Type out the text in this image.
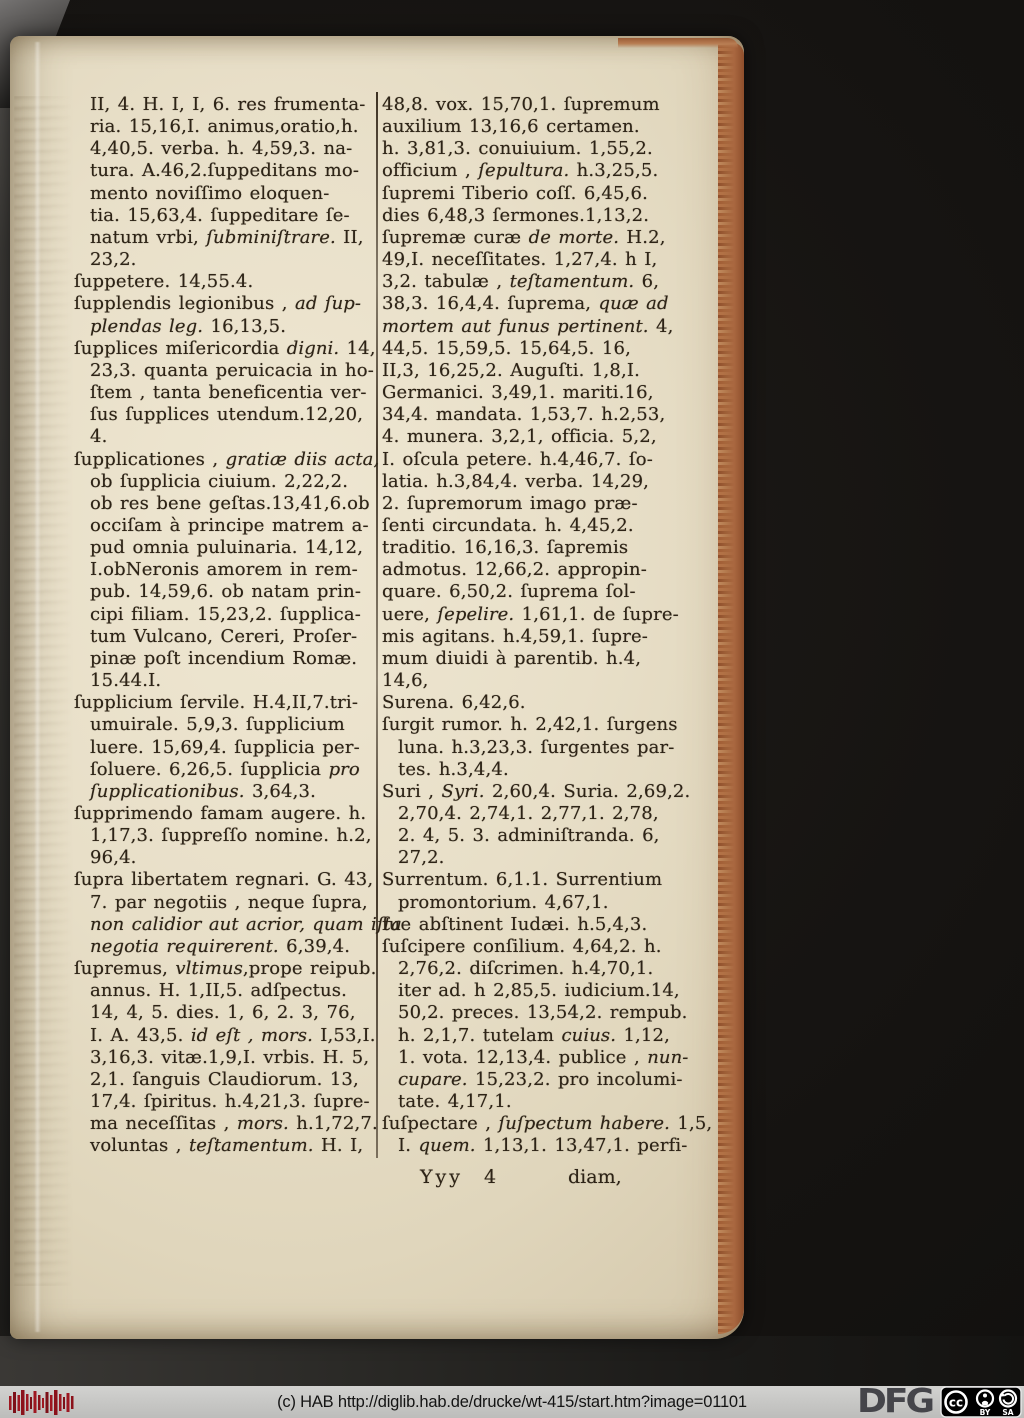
II, 4. H. I, I, 6. res frumenta-
ria. 15,16,I. animus,oratio,h.
4,40,5. verba. h. 4,59,3. na-
tura. A.46,2.ſuppeditans mo-
mento noviſſimo eloquen-
tia. 15,63,4. ſuppeditare ſe-
natum vrbi, ſubminiſtrare. II,
23,2.
ſuppetere. 14,55.4.
ſupplendis legionibus , ad ſup-
plendas leg. 16,13,5.
ſupplices miſericordia digni. 14,
23,3. quanta peruicacia in ho-
ſtem , tanta beneficentia ver-
ſus ſupplices utendum.12,20,
4.
ſupplicationes , gratiæ diis acta,
ob ſupplicia ciuium. 2,22,2.
ob res bene geſtas.13,41,6.ob
occiſam à principe matrem a-
pud omnia puluinaria. 14,12,
I.obNeronis amorem in rem-
pub. 14,59,6. ob natam prin-
cipi filiam. 15,23,2. ſupplica-
tum Vulcano, Cereri, Proſer-
pinæ poſt incendium Romæ.
15.44.I.
ſupplicium ſervile. H.4,II,7.tri-
umuirale. 5,9,3. ſupplicium
luere. 15,69,4. ſupplicia per-
ſoluere. 6,26,5. ſupplicia pro
ſupplicationibus. 3,64,3.
ſupprimendo famam augere. h.
1,17,3. ſuppreſſo nomine. h.2,
96,4.
ſupra libertatem regnari. G. 43,
7. par negotiis , neque ſupra,
non calidior aut acrior, quam iſta
negotia requirerent. 6,39,4.
ſupremus, vltimus,prope reipub.
annus. H. 1,II,5. adſpectus.
14, 4, 5. dies. 1, 6, 2. 3, 76,
I. A. 43,5. id eſt , mors. I,53,I.
3,16,3. vitæ.1,9,I. vrbis. H. 5,
2,1. ſanguis Claudiorum. 13,
17,4. ſpiritus. h.4,21,3. ſupre-
ma neceſſitas , mors. h.1,72,7.
voluntas , teſtamentum. H. I,
48,8. vox. 15,70,1. ſupremum
auxilium 13,16,6 certamen.
h. 3,81,3. conuiuium. 1,55,2.
officium , ſepultura. h.3,25,5.
ſupremi Tiberio coſſ. 6,45,6.
dies 6,48,3 ſermones.1,13,2.
ſupremæ curæ de morte. H.2,
49,I. neceſſitates. 1,27,4. h I,
3,2. tabulæ , teſtamentum. 6,
38,3. 16,4,4. ſuprema, quæ ad
mortem aut funus pertinent. 4,
44,5. 15,59,5. 15,64,5. 16,
II,3, 16,25,2. Auguſti. 1,8,I.
Germanici. 3,49,1. mariti.16,
34,4. mandata. 1,53,7. h.2,53,
4. munera. 3,2,1, officia. 5,2,
I. oſcula petere. h.4,46,7. ſo-
latia. h.3,84,4. verba. 14,29,
2. ſupremorum imago præ-
ſenti circundata. h. 4,45,2.
traditio. 16,16,3. ſapremis
admotus. 12,66,2. appropin-
quare. 6,50,2. ſuprema ſol-
uere, ſepelire. 1,61,1. de ſupre-
mis agitans. h.4,59,1. ſupre-
mum diuidi à parentib. h.4,
14,6,
Surena. 6,42,6.
ſurgit rumor. h. 2,42,1. ſurgens
luna. h.3,23,3. ſurgentes par-
tes. h.3,4,4.
Suri , Syri. 2,60,4. Suria. 2,69,2.
2,70,4. 2,74,1. 2,77,1. 2,78,
2. 4, 5. 3. adminiſtranda. 6,
27,2.
Surrentum. 6,1.1. Surrentium
promontorium. 4,67,1.
ſue abſtinent Iudæi. h.5,4,3.
ſuſcipere conſilium. 4,64,2. h.
2,76,2. diſcrimen. h.4,70,1.
iter ad. h 2,85,5. iudicium.14,
50,2. preces. 13,54,2. rempub.
h. 2,1,7. tutelam cuius. 1,12,
1. vota. 12,13,4. publice , nun-
cupare. 15,23,2. pro incolumi-
tate. 4,17,1.
ſuſpectare , ſuſpectum habere. 1,5,
I. quem. 1,13,1. 13,47,1. perfi-
Yyy 4	diam,
(c) HAB http://diglib.hab.de/drucke/wt-415/start.htm?image=01101	DFG cc
BY SA
